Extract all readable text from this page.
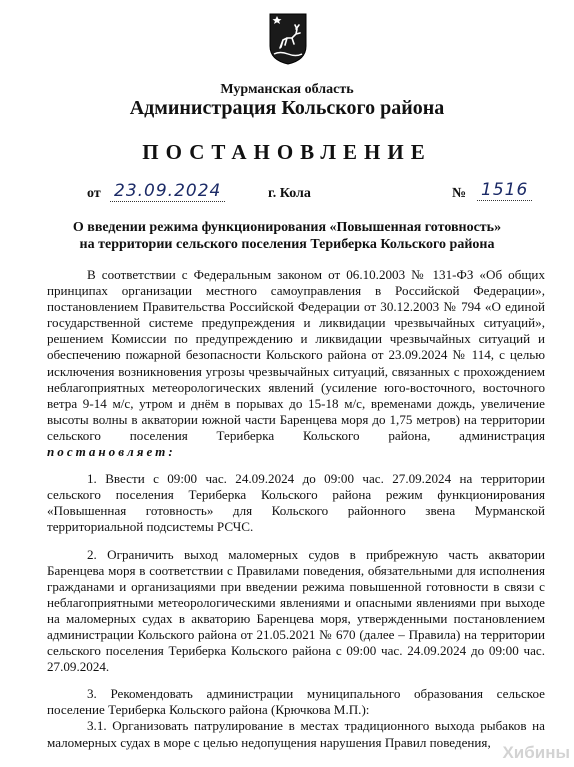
Мурманская область
Администрация Кольского района
ПОСТАНОВЛЕНИЕ
от 23.09.2024	г. Кола	№ 1516
О введении режима функционирования «Повышенная готовность»
на территории сельского поселения Териберка Кольского района

В соответствии с Федеральным законом от 06.10.2003 № 131-ФЗ «Об общих принципах организации местного самоуправления в Российской Федерации», постановлением Правительства Российской Федерации от 30.12.2003 № 794 «О единой государственной системе предупреждения и ликвидации чрезвычайных ситуаций», решением Комиссии по предупреждению и ликвидации чрезвычайных ситуаций и обеспечению пожарной безопасности Кольского района от 23.09.2024 № 114, с целью исключения возникновения угрозы чрезвычайных ситуаций, связанных с прохождением неблагоприятных метеорологических явлений (усиление юго-восточного, восточного ветра 9-14 м/с, утром и днём в порывах до 15-18 м/с, временами дождь, увеличение высоты волны в акватории южной части Баренцева моря до 1,75 метров) на территории сельского поселения Териберка Кольского района, администрация постановляет:

1. Ввести с 09:00 час. 24.09.2024 до 09:00 час. 27.09.2024 на территории сельского поселения Териберка Кольского района режим функционирования «Повышенная готовность» для Кольского районного звена Мурманской территориальной подсистемы РСЧС.

2. Ограничить выход маломерных судов в прибрежную часть акватории Баренцева моря в соответствии с Правилами поведения, обязательными для исполнения гражданами и организациями при введении режима повышенной готовности в связи с неблагоприятными метеорологическими явлениями и опасными явлениями при выходе на маломерных судах в акваторию Баренцева моря, утвержденными постановлением администрации Кольского района от 21.05.2021 № 670 (далее – Правила) на территории сельского поселения Териберка Кольского района с 09:00 час. 24.09.2024 до 09:00 час. 27.09.2024.

3. Рекомендовать администрации муниципального образования сельское поселение Териберка Кольского района (Крючкова М.П.):

3.1. Организовать патрулирование в местах традиционного выхода рыбаков на маломерных судах в море с целью недопущения нарушения Правил поведения,

Хибины
